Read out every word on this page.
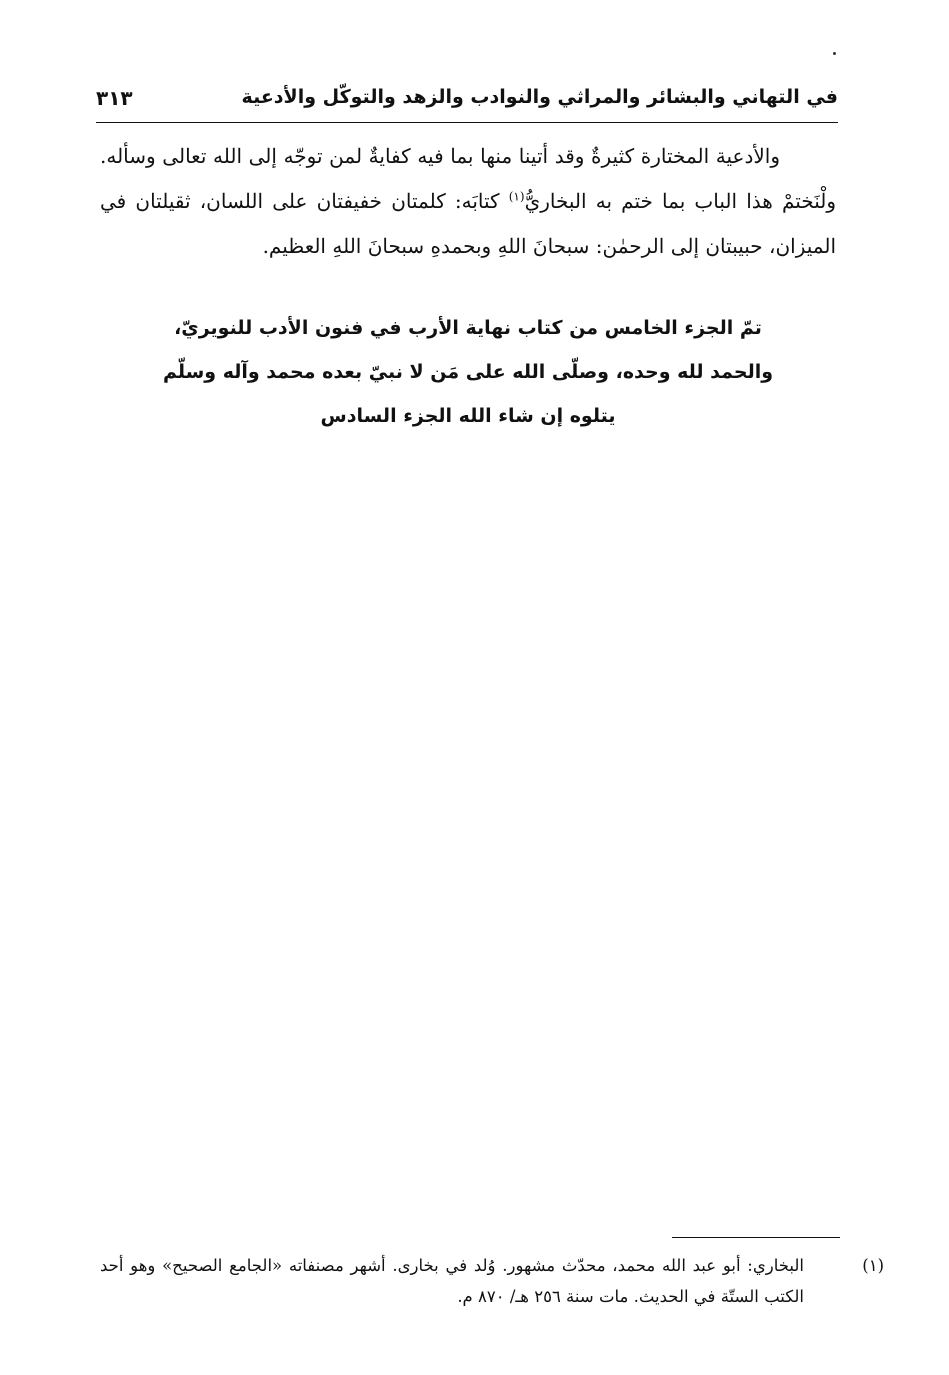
في التهاني والبشائر والمراثي والنوادب والزهد والتوكّل والأدعية
٣١٣

والأدعية المختارة كثيرةٌ وقد أتينا منها بما فيه كفايةٌ لمن توجّه إلى الله تعالى وسأله. ولْنَختمْ هذا الباب بما ختم به البخاريُّ$^{(١)}$ كتابَه: كلمتان خفيفتان على اللسان، ثقيلتان في الميزان، حبيبتان إلى الرحمٰن: سبحانَ اللهِ وبحمدهِ سبحانَ اللهِ العظيم.

تمّ الجزء الخامس من كتاب نهاية الأرب في فنون الأدب للنويريّ،
والحمد لله وحده، وصلّى الله على مَن لا نبيّ بعده محمد وآله وسلّم
يتلوه إن شاء الله الجزء السادس

(١)البخاري: أبو عبد الله محمد، محدّث مشهور. وُلد في بخارى. أشهر مصنفاته «الجامع الصحيح» وهو أحد الكتب الستّة في الحديث. مات سنة ٢٥٦ هـ/ ٨٧٠ م.
